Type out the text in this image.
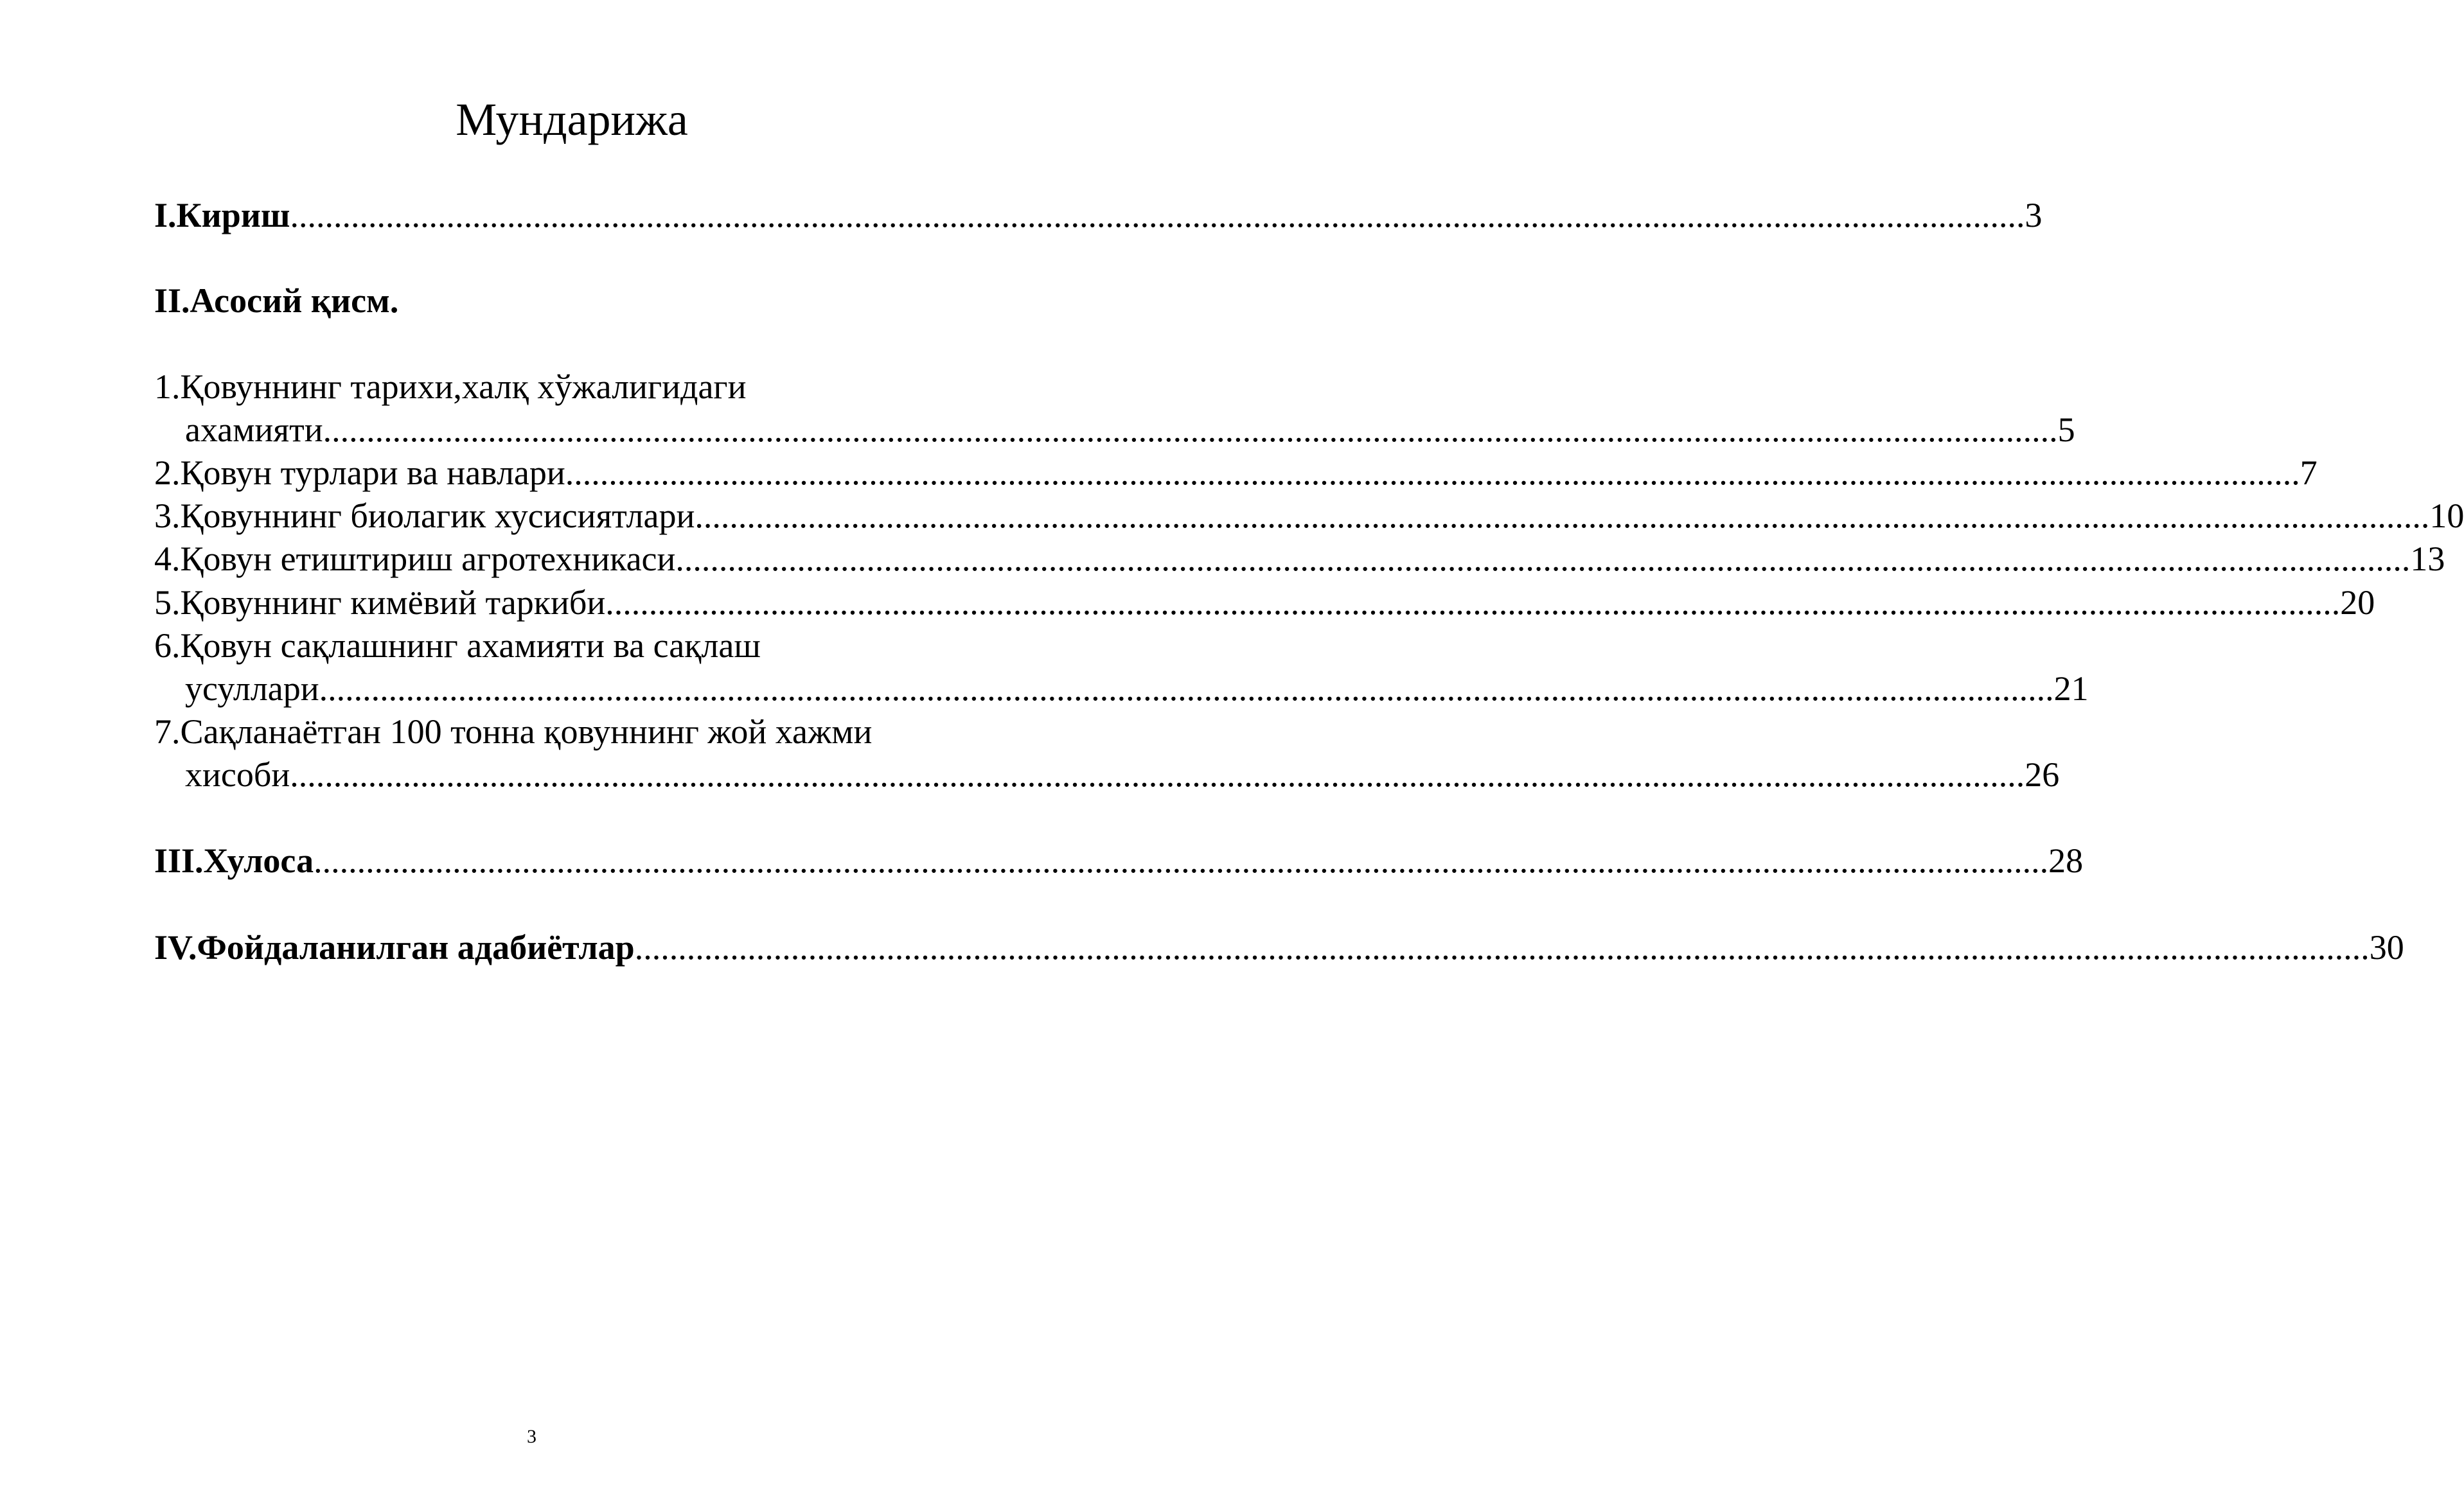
Мундарижа
I.Кириш ........................................................................................................................................................................................................ 3
II.Асосий қисм.
1.Қовуннинг тарихи,халқ хўжалигидаги
ахамияти ........................................................................................................................................................................................................ 5
2.Қовун турлари ва навлари ........................................................................................................................................................................................................ 7
3.Қовуннинг биолагик хусисиятлари ........................................................................................................................................................................................................ 10
4.Қовун етиштириш агротехникаси ........................................................................................................................................................................................................ 13
5.Қовуннинг кимёвий таркиби ........................................................................................................................................................................................................ 20
6.Қовун сақлашнинг ахамияти ва сақлаш
усуллари ........................................................................................................................................................................................................ 21
7.Сақланаётган 100 тонна қовуннинг жой хажми
хисоби ........................................................................................................................................................................................................ 26
III.Хулоса ........................................................................................................................................................................................................ 28
IV.Фойдаланилган адабиётлар ........................................................................................................................................................................................................ 30
3
